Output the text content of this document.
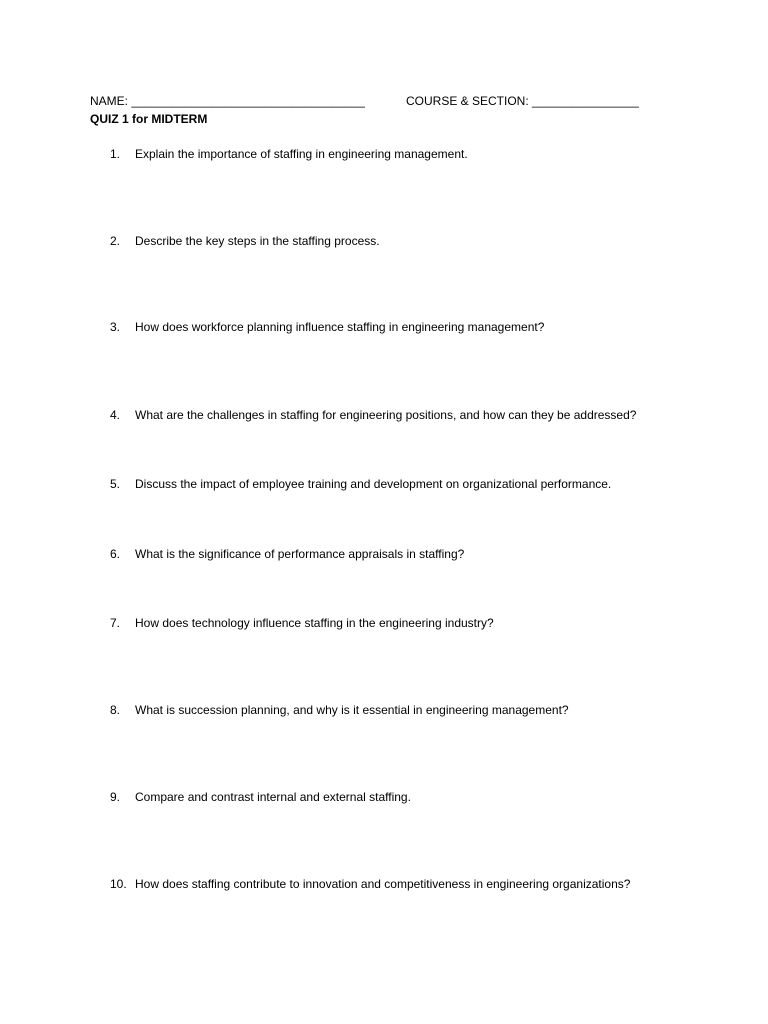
NAME: ___________________________________	COURSE & SECTION: ________________
QUIZ 1 for MIDTERM
1. Explain the importance of staffing in engineering management.
2. Describe the key steps in the staffing process.
3. How does workforce planning influence staffing in engineering management?
4. What are the challenges in staffing for engineering positions, and how can they be addressed?
5. Discuss the impact of employee training and development on organizational performance.
6. What is the significance of performance appraisals in staffing?
7. How does technology influence staffing in the engineering industry?
8. What is succession planning, and why is it essential in engineering management?
9. Compare and contrast internal and external staffing.
10. How does staffing contribute to innovation and competitiveness in engineering organizations?
